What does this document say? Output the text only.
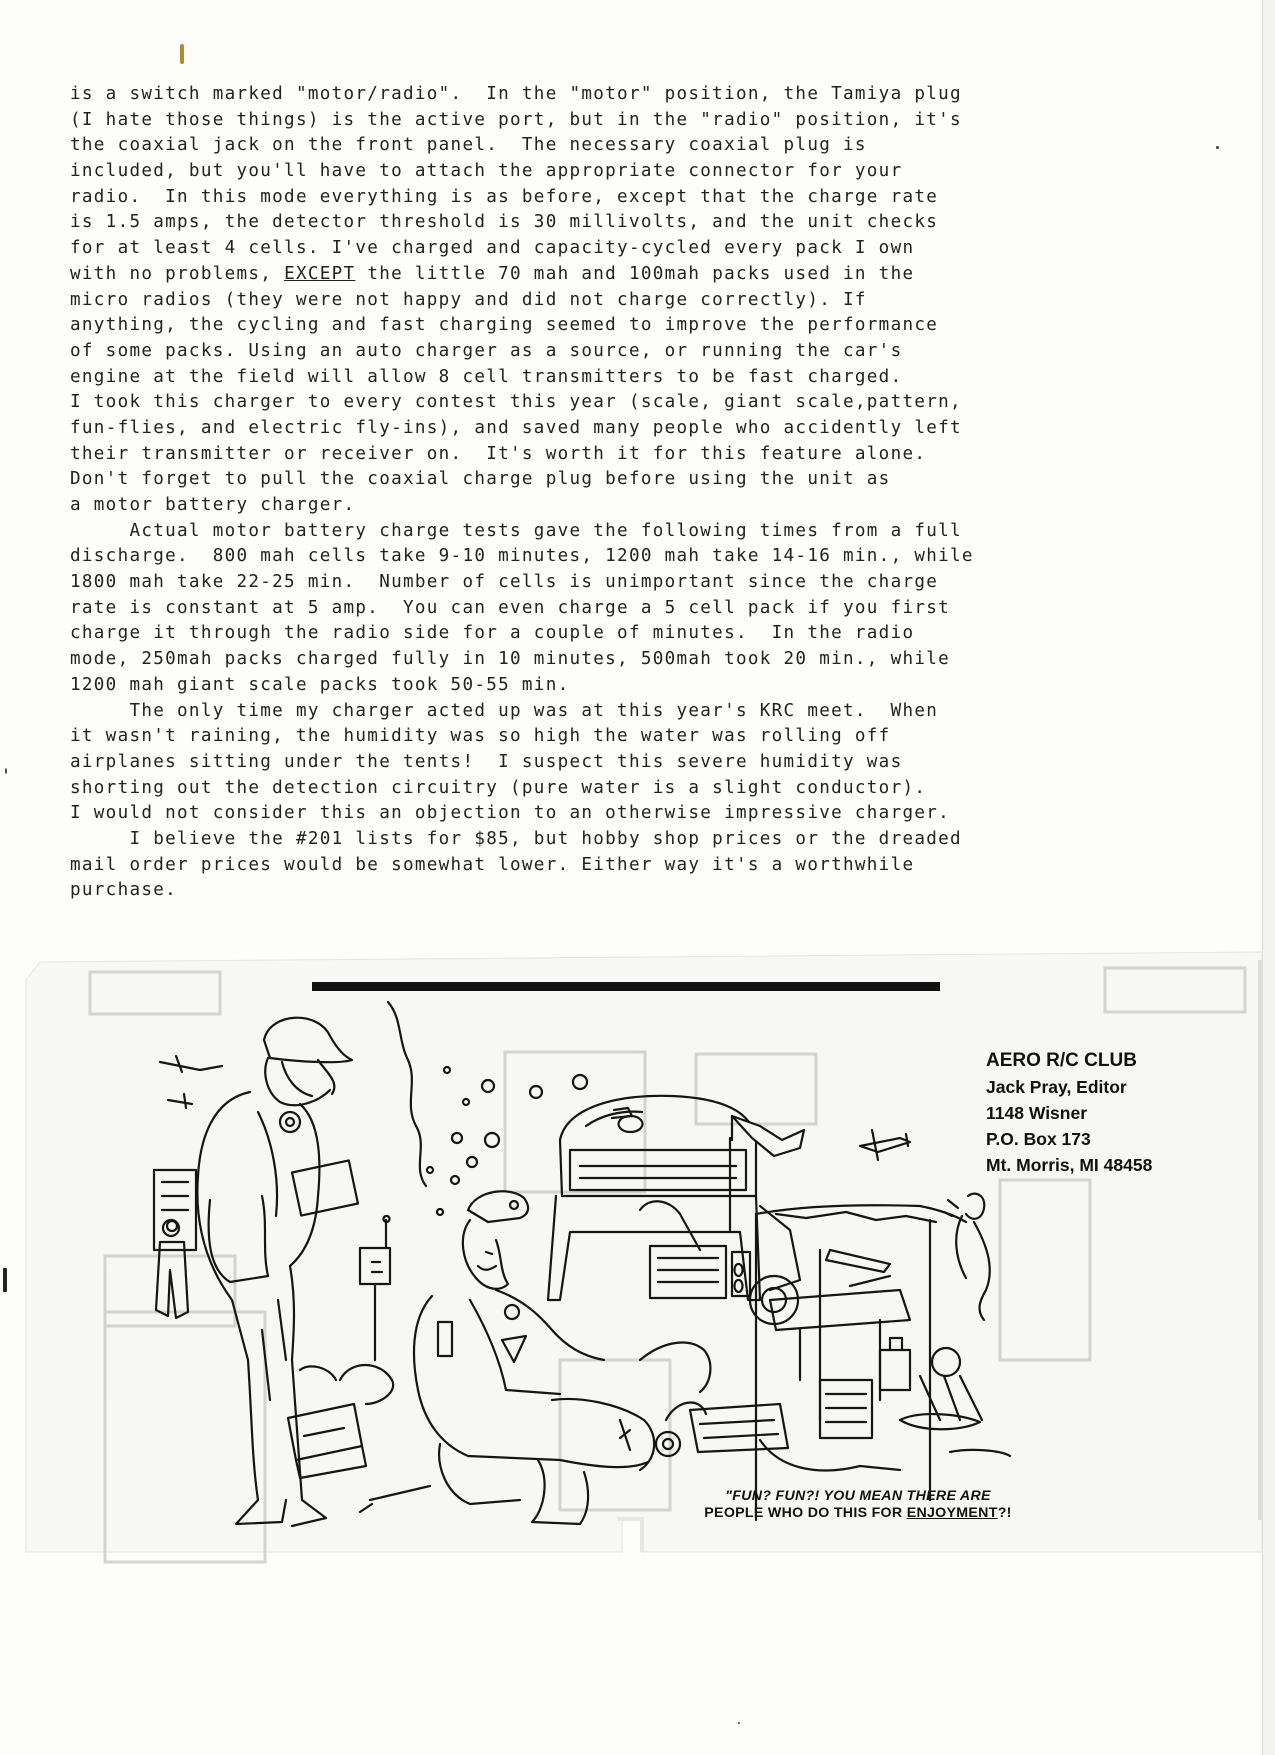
is a switch marked "motor/radio".  In the "motor" position, the Tamiya plug
(I hate those things) is the active port, but in the "radio" position, it's
the coaxial jack on the front panel.  The necessary coaxial plug is
included, but you'll have to attach the appropriate connector for your
radio.  In this mode everything is as before, except that the charge rate
is 1.5 amps, the detector threshold is 30 millivolts, and the unit checks
for at least 4 cells. I've charged and capacity-cycled every pack I own
with no problems, EXCEPT the little 70 mah and 100mah packs used in the
micro radios (they were not happy and did not charge correctly). If
anything, the cycling and fast charging seemed to improve the performance
of some packs. Using an auto charger as a source, or running the car's
engine at the field will allow 8 cell transmitters to be fast charged.
I took this charger to every contest this year (scale, giant scale,pattern,
fun-flies, and electric fly-ins), and saved many people who accidently left
their transmitter or receiver on.  It's worth it for this feature alone.
Don't forget to pull the coaxial charge plug before using the unit as
a motor battery charger.
Actual motor battery charge tests gave the following times from a full
discharge.  800 mah cells take 9-10 minutes, 1200 mah take 14-16 min., while
1800 mah take 22-25 min.  Number of cells is unimportant since the charge
rate is constant at 5 amp.  You can even charge a 5 cell pack if you first
charge it through the radio side for a couple of minutes.  In the radio
mode, 250mah packs charged fully in 10 minutes, 500mah took 20 min., while
1200 mah giant scale packs took 50-55 min.
The only time my charger acted up was at this year's KRC meet.  When
it wasn't raining, the humidity was so high the water was rolling off
airplanes sitting under the tents!  I suspect this severe humidity was
shorting out the detection circuitry (pure water is a slight conductor).
I would not consider this an objection to an otherwise impressive charger.
I believe the #201 lists for $85, but hobby shop prices or the dreaded
mail order prices would be somewhat lower. Either way it's a worthwhile
purchase.
AERO R/C CLUB
Jack Pray, Editor
1148 Wisner
P.O. Box 173
Mt. Morris, MI 48458
"FUN? FUN?! YOU MEAN THERE ARE
PEOPLE WHO DO THIS FOR ENJOYMENT?!
